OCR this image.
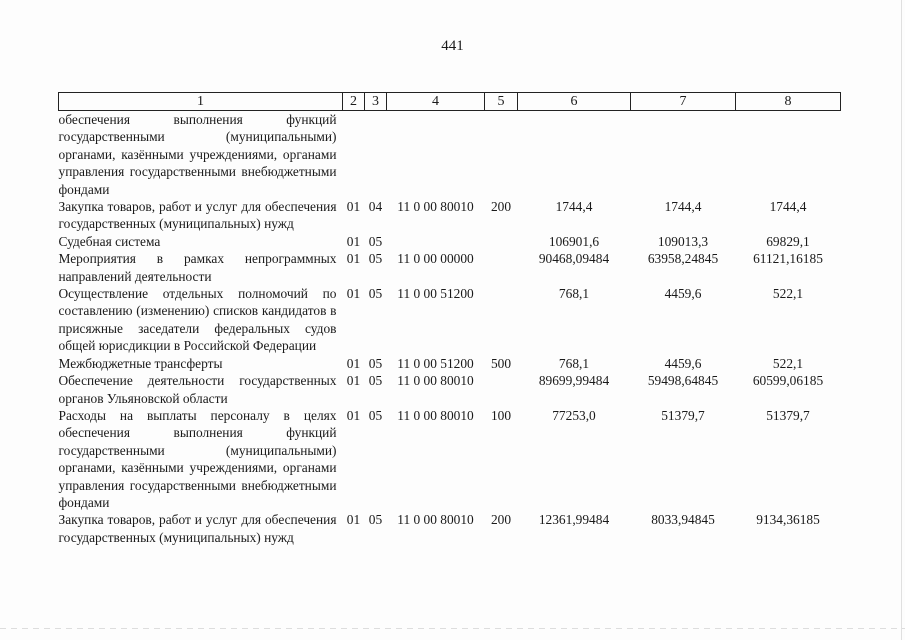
441
1	2	3	4	5	6	7	8
обеспечения выполнения функций государственными (муниципальными) органами, казёнными учреждениями, органами управления государственными внебюджетными фондами							
Закупка товаров, работ и услуг для обеспечения государственных (муниципальных) нужд	01	04	11 0 00 80010	200	1744,4	1744,4	1744,4
Судебная система	01	05			106901,6	109013,3	69829,1
Мероприятия в рамках непрограммных направлений деятельности	01	05	11 0 00 00000		90468,09484	63958,24845	61121,16185
Осуществление отдельных полномочий по составлению (изменению) списков кандидатов в присяжные заседатели федеральных судов общей юрисдикции в Российской Федерации	01	05	11 0 00 51200		768,1	4459,6	522,1
Межбюджетные трансферты	01	05	11 0 00 51200	500	768,1	4459,6	522,1
Обеспечение деятельности государственных органов Ульяновской области	01	05	11 0 00 80010		89699,99484	59498,64845	60599,06185
Расходы на выплаты персоналу в целях обеспечения выполнения функций государственными (муниципальными) органами, казёнными учреждениями, органами управления государственными внебюджетными фондами	01	05	11 0 00 80010	100	77253,0	51379,7	51379,7
Закупка товаров, работ и услуг для обеспечения государственных (муниципальных) нужд	01	05	11 0 00 80010	200	12361,99484	8033,94845	9134,36185
